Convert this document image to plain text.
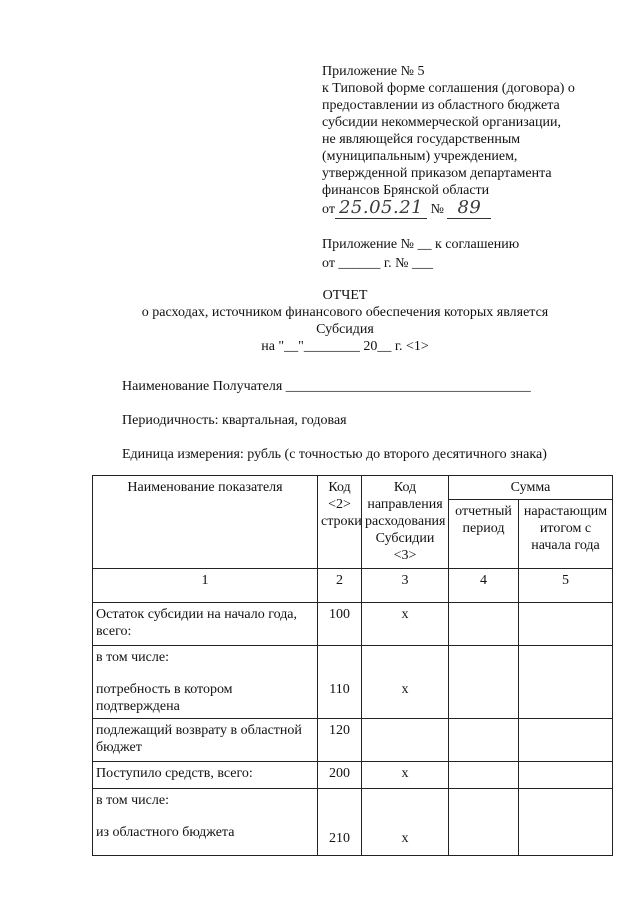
Приложение № 5

к Типовой форме соглашения (договора) о

предоставлении из областного бюджета

субсидии некоммерческой организации,

не являющейся государственным

(муниципальным) учреждением,

утвержденной приказом департамента

финансов Брянской области

от 25.05.21 № 89

Приложение № __ к соглашению

от ______ г. № ___

ОТЧЕТ

о расходах, источником финансового обеспечения которых является

Субсидия

на "__"________ 20__ г. <1>

Наименование Получателя ___________________________________

Периодичность: квартальная, годовая

Единица измерения: рубль (с точностью до второго десятичного знака)

Наименование показателя	Код <2> строки	Код направления расходования Субсидии <3>	Сумма	
			отчетный период	нарастающим итогом с начала года
1	2	3	4	5
Остаток субсидии на начало года, всего:	100	x		

в том числе:
потребность в котором подтверждена	110	x		
подлежащий возврату в областной бюджет	120			
Поступило средств, всего:	200	x		

в том числе:
из областного бюджета	210	x		
